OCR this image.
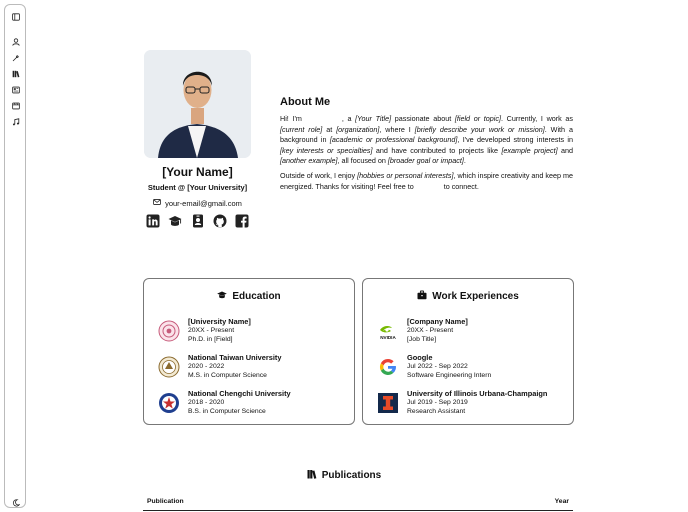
[Your Name]
Student @ [Your University]
your-email@gmail.com
About Me
Hi! I'm	, a [Your Title] passionate about [field or topic]. Currently, I work as [current role] at [organization], where I [briefly describe your work or mission]. With a background in [academic or professional background], I've developed strong interests in [key interests or specialties] and have contributed to projects like [example project] and [another example], all focused on [broader goal or impact].
Outside of work, I enjoy [hobbies or personal interests], which inspire creativity and keep me energized. Thanks for visiting! Feel free to	to connect.
Education
[University Name]
20XX - Present
Ph.D. in [Field]
National Taiwan University
2020 - 2022
M.S. in Computer Science
National Chengchi University
2018 - 2020
B.S. in Computer Science
Work Experiences
NVIDIA
[Company Name]
20XX - Present
[Job Title]
Google
Jul 2022 - Sep 2022
Software Engineering Intern
University of Illinois Urbana-Champaign
Jul 2019 - Sep 2019
Research Assistant
Publications
Publication	Year
